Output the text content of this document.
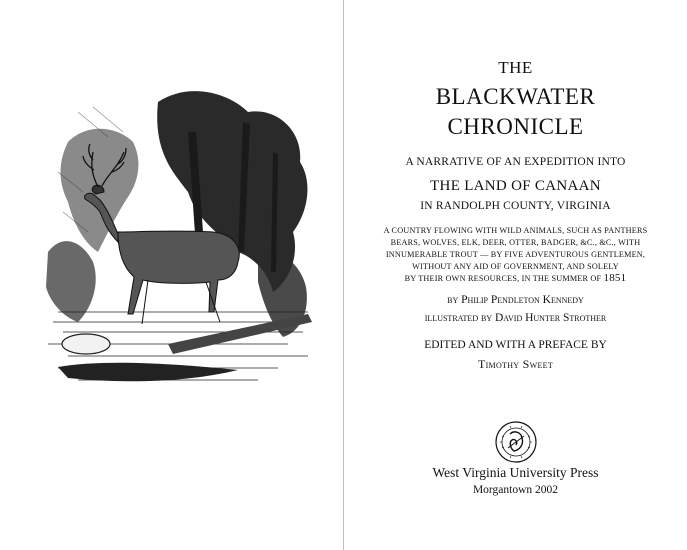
THE
BLACKWATER
CHRONICLE
A NARRATIVE OF AN EXPEDITION INTO
THE LAND OF CANAAN
IN RANDOLPH COUNTY, VIRGINIA
A COUNTRY FLOWING WITH WILD ANIMALS, SUCH AS PANTHERS
BEARS, WOLVES, ELK, DEER, OTTER, BADGER, &C., &C., WITH
INNUMERABLE TROUT — BY FIVE ADVENTUROUS GENTLEMEN,
WITHOUT ANY AID OF GOVERNMENT, AND SOLELY
BY THEIR OWN RESOURCES, IN THE SUMMER OF 1851
by Philip Pendleton Kennedy
illustrated by David Hunter Strother
EDITED AND WITH A PREFACE BY
Timothy Sweet
West Virginia University Press
Morgantown 2002
